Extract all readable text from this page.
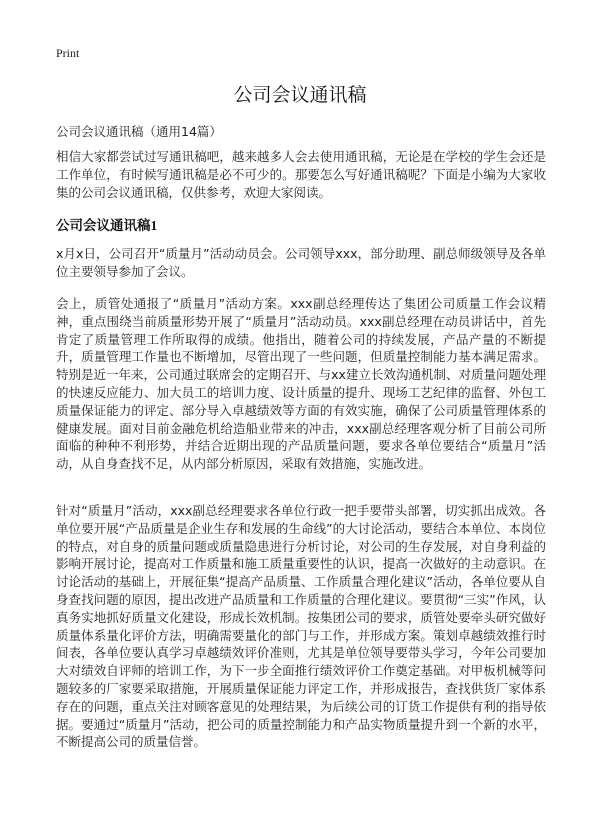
Print
公司会议通讯稿
公司会议通讯稿（通用14篇）

相信大家都尝试过写通讯稿吧，越来越多人会去使用通讯稿，无论是在学校的学生会还是工作单位，有时候写通讯稿是必不可少的。那要怎么写好通讯稿呢？下面是小编为大家收集的公司会议通讯稿，仅供参考，欢迎大家阅读。

公司会议通讯稿1

x月x日，公司召开“质量月”活动动员会。公司领导xxx，部分助理、副总师级领导及各单位主要领导参加了会议。

会上，质管处通报了“质量月”活动方案。xxx副总经理传达了集团公司质量工作会议精神，重点围绕当前质量形势开展了“质量月”活动动员。xxx副总经理在动员讲话中，首先肯定了质量管理工作所取得的成绩。他指出，随着公司的持续发展，产品产量的不断提升，质量管理工作量也不断增加，尽管出现了一些问题，但质量控制能力基本满足需求。特别是近一年来，公司通过联席会的定期召开、与xx建立长效沟通机制、对质量问题处理的快速反应能力、加大员工的培训力度、设计质量的提升、现场工艺纪律的监督、外包工质量保证能力的评定、部分导入卓越绩效等方面的有效实施，确保了公司质量管理体系的健康发展。面对目前金融危机给造船业带来的冲击，xxx副总经理客观分析了目前公司所面临的种种不利形势，并结合近期出现的产品质量问题，要求各单位要结合“质量月”活动，从自身查找不足，从内部分析原因，采取有效措施，实施改进。

针对“质量月”活动，xxx副总经理要求各单位行政一把手要带头部署，切实抓出成效。各单位要开展“产品质量是企业生存和发展的生命线”的大讨论活动，要结合本单位、本岗位的特点，对自身的质量问题或质量隐患进行分析讨论，对公司的生存发展，对自身利益的影响开展讨论，提高对工作质量和施工质量重要性的认识，提高一次做好的主动意识。在讨论活动的基础上，开展征集“提高产品质量、工作质量合理化建议”活动，各单位要从自身查找问题的原因，提出改进产品质量和工作质量的合理化建议。要贯彻“三实”作风，认真务实地抓好质量文化建设，形成长效机制。按集团公司的要求，质管处要牵头研究做好质量体系量化评价方法，明确需要量化的部门与工作，并形成方案。策划卓越绩效推行时间表，各单位要认真学习卓越绩效评价准则，尤其是单位领导要带头学习，今年公司要加大对绩效自评师的培训工作，为下一步全面推行绩效评价工作奠定基础。对甲板机械等问题较多的厂家要采取措施，开展质量保证能力评定工作，并形成报告，查找供货厂家体系存在的问题，重点关注对顾客意见的处理结果，为后续公司的订货工作提供有利的指导依据。要通过“质量月”活动，把公司的质量控制能力和产品实物质量提升到一个新的水平，不断提高公司的质量信誉。
